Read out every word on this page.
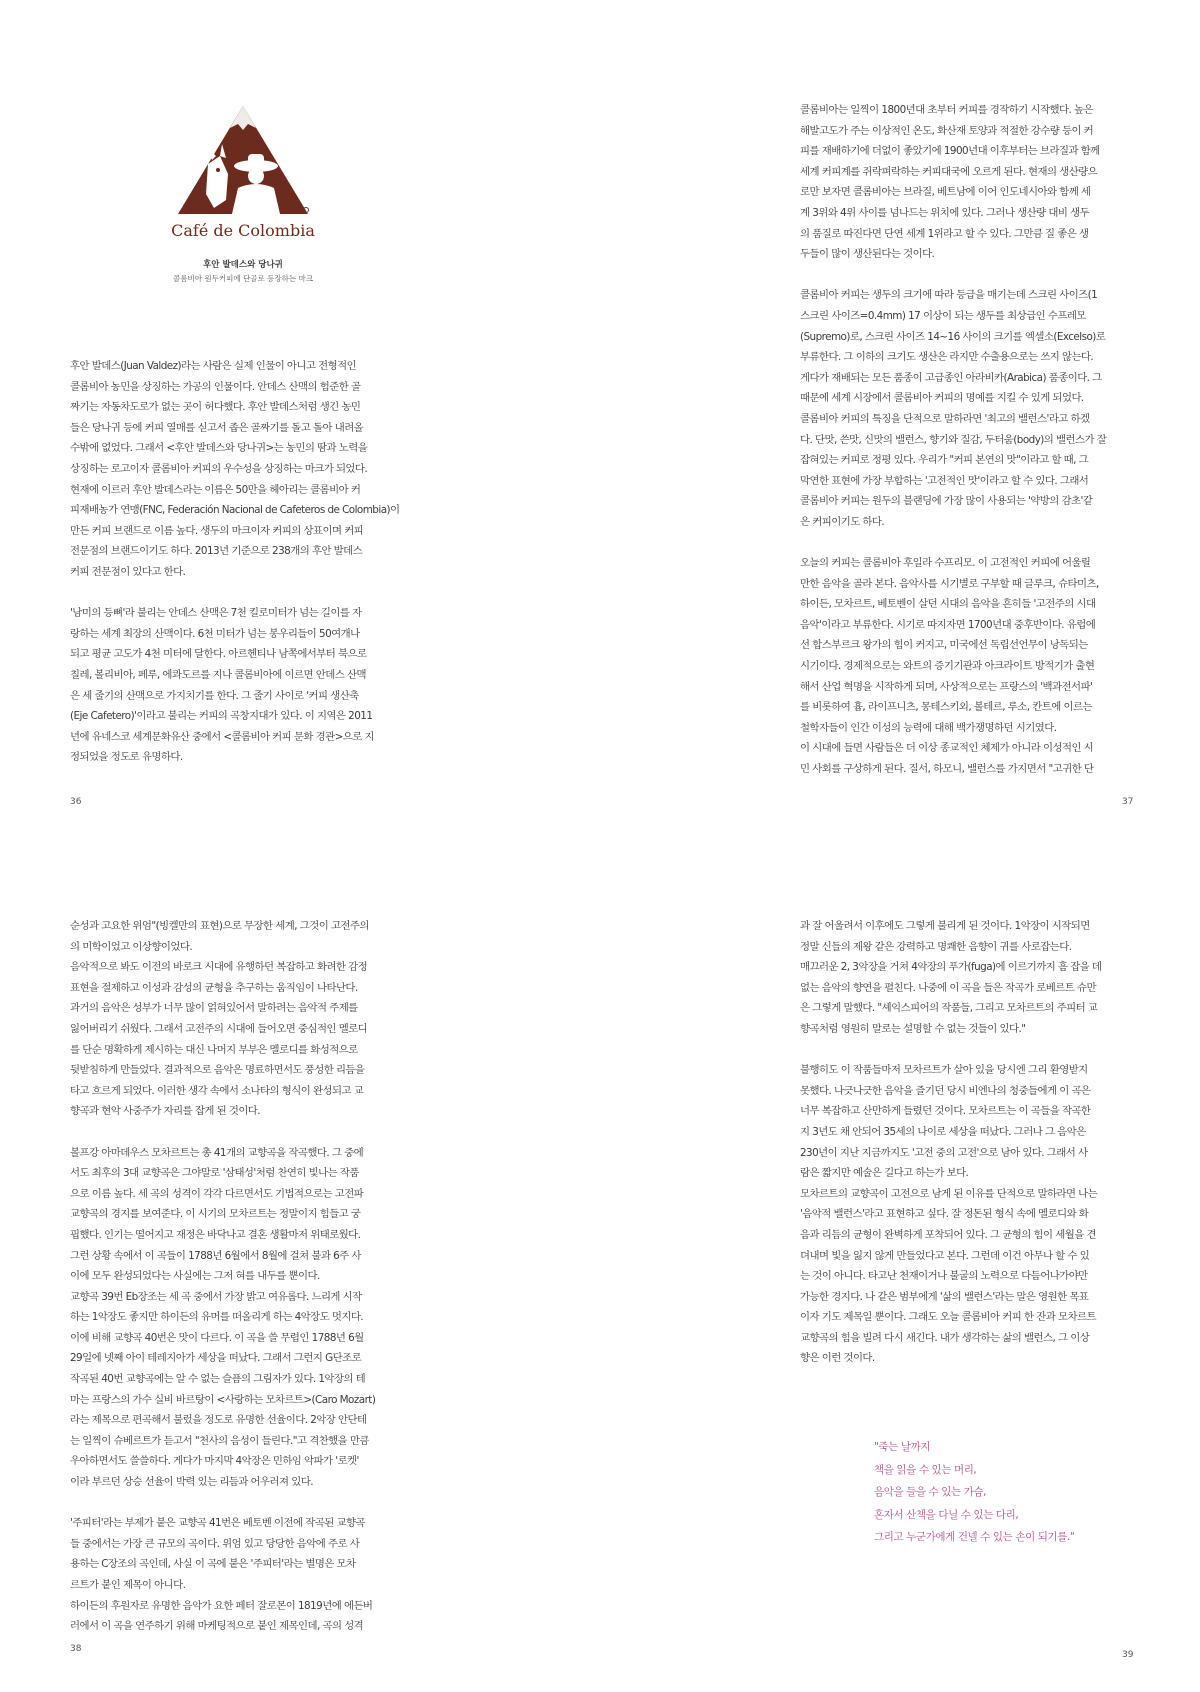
Café de Colombia
후안 발데스와 당나귀
콜롬비아 원두커피에 단골로 등장하는 마크

후안 발데스(Juan Valdez)라는 사람은 실제 인물이 아니고 전형적인

콜롬비아 농민을 상징하는 가공의 인물이다. 안데스 산맥의 험준한 골

짜기는 자동차도로가 없는 곳이 허다했다. 후안 발데스처럼 생긴 농민

들은 당나귀 등에 커피 열매를 싣고서 좁은 골짜기를 돌고 돌아 내려올

수밖에 없었다. 그래서 <후안 발데스와 당나귀>는 농민의 땀과 노력을

상징하는 로고이자 콜롬비아 커피의 우수성을 상징하는 마크가 되었다.

현재에 이르러 후안 발데스라는 이름은 50만을 헤아리는 콜롬비아 커

피재배농가 연맹(FNC, Federación Nacional de Cafeteros de Colombia)이

만든 커피 브랜드로 이름 높다. 생두의 마크이자 커피의 상표이며 커피

전문점의 브랜드이기도 하다. 2013년 기준으로 238개의 후안 발데스

커피 전문점이 있다고 한다.

'남미의 등뼈'라 불리는 안데스 산맥은 7천 킬로미터가 넘는 길이를 자

랑하는 세계 최장의 산맥이다. 6천 미터가 넘는 봉우리들이 50여개나

되고 평균 고도가 4천 미터에 달한다. 아르헨티나 남쪽에서부터 북으로

칠레, 볼리비아, 페루, 에콰도르를 지나 콜롬비아에 이르면 안데스 산맥

은 세 줄기의 산맥으로 가지치기를 한다. 그 줄기 사이로 '커피 생산축

(Eje Cafetero)'이라고 불리는 커피의 곡창지대가 있다. 이 지역은 2011

년에 유네스코 세계문화유산 중에서 <콜롬비아 커피 문화 경관>으로 지

정되었을 정도로 유명하다.

콜롬비아는 일찍이 1800년대 초부터 커피를 경작하기 시작했다. 높은

해발고도가 주는 이상적인 온도, 화산재 토양과 적절한 강수량 등이 커

피를 재배하기에 더없이 좋았기에 1900년대 이후부터는 브라질과 함께

세계 커피계를 쥐락펴락하는 커피대국에 오르게 된다. 현재의 생산량으

로만 보자면 콜롬비아는 브라질, 베트남에 이어 인도네시아와 함께 세

계 3위와 4위 사이를 넘나드는 위치에 있다. 그러나 생산량 대비 생두

의 품질로 따진다면 단연 세계 1위라고 할 수 있다. 그만큼 질 좋은 생

두들이 많이 생산된다는 것이다.

콜롬비아 커피는 생두의 크기에 따라 등급을 매기는데 스크린 사이즈(1

스크린 사이즈=0.4mm) 17 이상이 되는 생두를 최상급인 수프레모

(Supremo)로, 스크린 사이즈 14~16 사이의 크기를 엑셀소(Excelso)로

부류한다. 그 이하의 크기도 생산은 라지만 수출용으로는 쓰지 않는다.

게다가 재배되는 모든 품종이 고급종인 아라비카(Arabica) 품종이다. 그

때문에 세계 시장에서 콜롬비아 커피의 명예를 지킬 수 있게 되었다.

콜롬비아 커피의 특징을 단적으로 말하라면 '최고의 밸런스'라고 하겠

다. 단맛, 쓴맛, 신맛의 밸런스, 향기와 질감, 두터움(body)의 밸런스가 잘

잡혀있는 커피로 정평 있다. 우리가 "커피 본연의 맛"이라고 할 때, 그

막연한 표현에 가장 부합하는 '고전적인 맛'이라고 할 수 있다. 그래서

콜롬비아 커피는 원두의 블랜딩에 가장 많이 사용되는 '약방의 감초'같

은 커피이기도 하다.

오늘의 커피는 콜롬비아 후일라 수프리모. 이 고전적인 커피에 어울릴

만한 음악을 골라 본다. 음악사를 시기별로 구부할 때 글루크, 슈타미츠,

하이든, 모차르트, 베토벤이 살던 시대의 음악을 흔히들 '고전주의 시대

음악'이라고 부류한다. 시기로 따지자면 1700년대 중후반이다. 유럽에

선 합스부르크 왕가의 힘이 커지고, 미국에선 독립선언무이 낭독되는

시기이다. 경제적으로는 와트의 증기기관과 아크라이트 방적기가 출현

해서 산업 혁명을 시작하게 되며, 사상적으로는 프랑스의 '백과전서파'

를 비롯하여 흄, 라이프니츠, 몽테스키외, 볼테르, 루소, 칸트에 이르는

철학자들이 인간 이성의 능력에 대해 백가쟁명하던 시기였다.

이 시대에 들면 사람들은 더 이상 종교적인 체제가 아니라 이성적인 시

민 사회를 구상하게 된다. 질서, 하모니, 밸런스를 가지면서 "고귀한 단

순성과 고요한 위엄"(빙켈만의 표현)으로 무장한 세계, 그것이 고전주의

의 미학이었고 이상향이었다.

음악적으로 봐도 이전의 바로크 시대에 유행하던 복잡하고 화려한 감정

표현을 절제하고 이성과 감성의 균형을 추구하는 움직임이 나타난다.

과거의 음악은 성부가 너무 많이 얽혀있어서 말하려는 음악적 주제를

잃어버리기 쉬웠다. 그래서 고전주의 시대에 들어오면 중심적인 멜로디

를 단순 명확하게 제시하는 대신 나머지 부부은 멜로디를 화성적으로

뒷받침하게 만들었다. 결과적으로 음악은 명료하면서도 풍성한 리듬을

타고 흐르게 되었다. 이러한 생각 속에서 소나타의 형식이 완성되고 교

향곡과 현악 사중주가 자리를 잡게 된 것이다.

볼프강 아마데우스 모차르트는 총 41개의 교향곡을 작곡했다. 그 중에

서도 최후의 3대 교향곡은 그야말로 '삼태성'처럼 찬연히 빛나는 작품

으로 이름 높다. 세 곡의 성격이 각각 다르면서도 기법적으로는 고전파

교향곡의 경지를 보여준다. 이 시기의 모차르트는 정말이지 힘들고 궁

핍했다. 인기는 떨어지고 재정은 바닥나고 결혼 생활마저 위태로웠다.

그런 상황 속에서 이 곡들이 1788년 6월에서 8월에 걸쳐 불과 6주 사

이에 모두 완성되었다는 사실에는 그저 혀를 내두를 뿐이다.

교향곡 39번 Eb장조는 세 곡 중에서 가장 밝고 여유롭다. 느리게 시작

하는 1악장도 좋지만 하이든의 유머를 떠올리게 하는 4악장도 멋지다.

이에 비해 교향곡 40번은 맛이 다르다. 이 곡을 쓸 무렵인 1788년 6월

29일에 넷째 아이 테레지아가 세상을 떠났다. 그래서 그런지 G단조로

작곡된 40번 교향곡에는 알 수 없는 슬픔의 그림자가 있다. 1악장의 테

마는 프랑스의 가수 실비 바르탕이 <사랑하는 모차르트>(Caro Mozart)

라는 제목으로 편곡해서 불렀을 정도로 유명한 선율이다. 2악장 안단테

는 일찍이 슈베르트가 듣고서 "천사의 음성이 들린다."고 격찬했을 만큼

우아하면서도 쓸쓸하다. 게다가 마지막 4악장은 민하임 악파가 '로켓'

이라 부르던 상승 선율이 박력 있는 리듬과 어우러져 있다.

'주피터'라는 부제가 붙은 교향곡 41번은 베토벤 이전에 작곡된 교향곡

들 중에서는 가장 큰 규모의 곡이다. 위엄 있고 당당한 음악에 주로 사

용하는 C장조의 곡인데, 사실 이 곡에 붙은 '주피터'라는 별명은 모차

르트가 붙인 제목이 아니다.

하이든의 후원자로 유명한 음악가 요한 페터 잘로몬이 1819년에 에든버

러에서 이 곡을 연주하기 위해 마케팅적으로 붙인 제목인데, 곡의 성격

과 잘 어울려서 이후에도 그렇게 불리게 된 것이다. 1악장이 시작되면

정말 신들의 제왕 같은 강력하고 명쾌한 음향이 귀를 사로잡는다.

매끄러운 2, 3악장을 거쳐 4악장의 푸가(fuga)에 이르기까지 흠 잡을 데

없는 음악의 향연을 펼친다. 나중에 이 곡을 들은 작곡가 로베르트 슈만

은 그렇게 말했다. "셰익스피어의 작품들, 그리고 모차르트의 주피터 교

향곡처럼 영원히 말로는 설명할 수 없는 것들이 있다."

불행히도 이 작품들마저 모차르트가 살아 있을 당시엔 그리 환영받지

못했다. 나긋나긋한 음악을 즐기던 당시 비엔나의 청중들에게 이 곡은

너무 복잡하고 산만하게 들렸던 것이다. 모차르트는 이 곡들을 작곡한

지 3년도 채 안되어 35세의 나이로 세상을 떠났다. 그러나 그 음악은

230년이 지난 지금까지도 '고전 중의 고전'으로 남아 있다. 그래서 사

람은 짧지만 예술은 길다고 하는가 보다.

모차르트의 교향곡이 고전으로 남게 된 이유를 단적으로 말하라면 나는

'음악적 밸런스'라고 표현하고 싶다. 잘 정돈된 형식 속에 멜로디와 화

음과 리듬의 균형이 완벽하게 포착되어 있다. 그 균형의 힘이 세월을 견

뎌내며 빛을 잃지 않게 만들었다고 본다. 그런데 이건 아무나 할 수 있

는 것이 아니다. 타고난 천재이거나 불굴의 노력으로 다듬어나가야만

가능한 경지다. 나 같은 범부에게 '삶의 밸런스'라는 말은 영원한 목표

이자 기도 제목일 뿐이다. 그래도 오늘 콜롬비아 커피 한 잔과 모차르트

교향곡의 힘을 빌려 다시 새긴다. 내가 생각하는 삶의 밸런스, 그 이상

향은 이런 것이다.

"죽는 날까지

책을 읽을 수 있는 머리,

음악을 들을 수 있는 가슴,

혼자서 산책을 다닐 수 있는 다리,

그리고 누군가에게 건넬 수 있는 손이 되기를."

36	37
38
39
